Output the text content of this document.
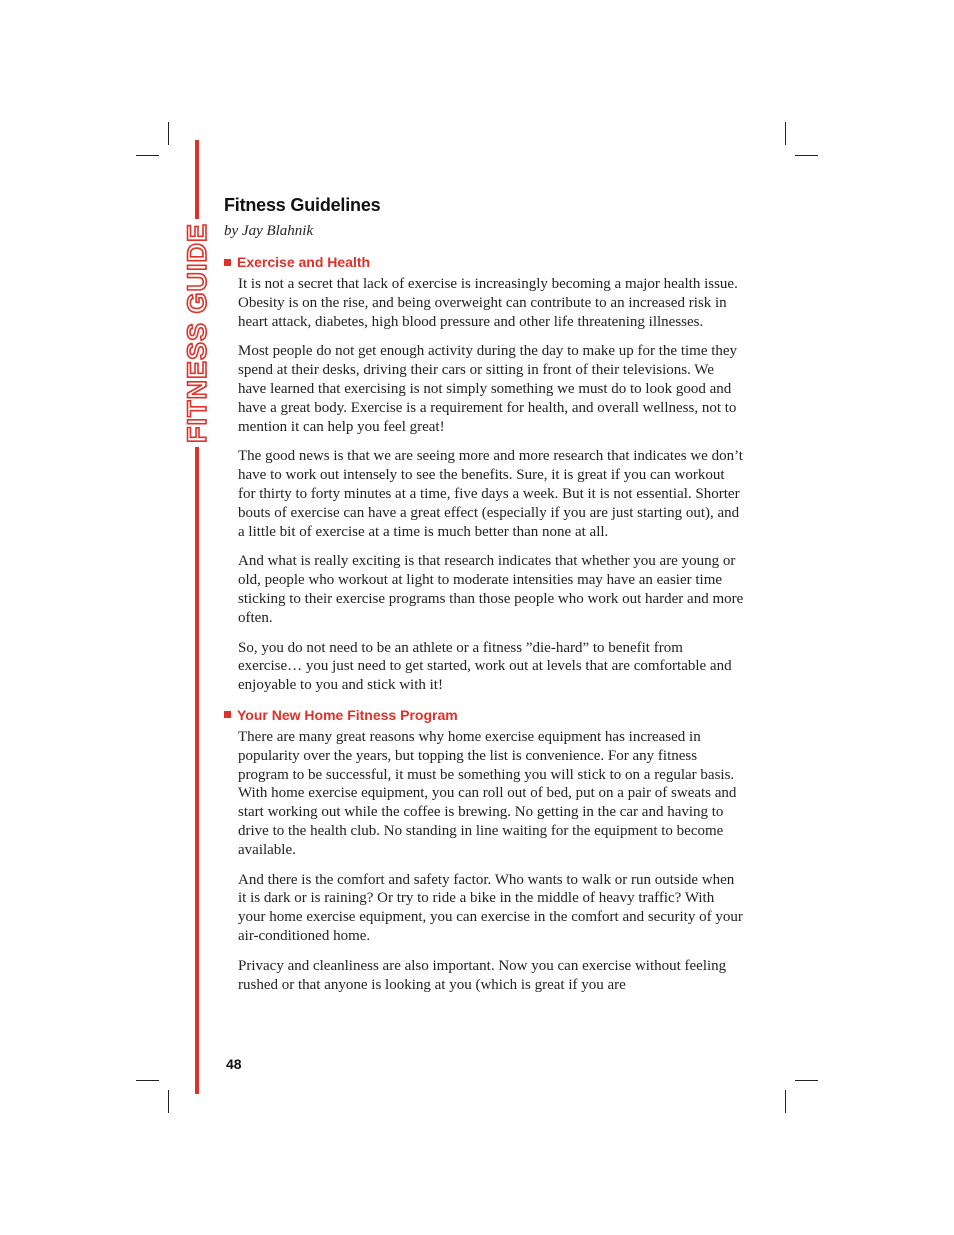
FITNESS GUIDE
Fitness Guidelines

by Jay Blahnik

Exercise and Health

It is not a secret that lack of exercise is increasingly becoming a major health issue. Obesity is on the rise, and being overweight can contribute to an increased risk in heart attack, diabetes, high blood pressure and other life threatening illnesses.

Most people do not get enough activity during the day to make up for the time they spend at their desks, driving their cars or sitting in front of their televisions. We have learned that exercising is not simply something we must do to look good and have a great body. Exercise is a requirement for health, and overall wellness, not to mention it can help you feel great!

The good news is that we are seeing more and more research that indicates we don’t have to work out intensely to see the benefits. Sure, it is great if you can workout for thirty to forty minutes at a time, five days a week. But it is not essential. Shorter bouts of exercise can have a great effect (especially if you are just starting out), and a little bit of exercise at a time is much better than none at all.

And what is really exciting is that research indicates that whether you are young or old, people who workout at light to moderate intensities may have an easier time sticking to their exercise programs than those people who work out harder and more often.

So, you do not need to be an athlete or a fitness ”die-hard” to benefit from exercise… you just need to get started, work out at levels that are comfortable and enjoyable to you and stick with it!

Your New Home Fitness Program

There are many great reasons why home exercise equipment has increased in popularity over the years, but topping the list is convenience. For any fitness program to be successful, it must be something you will stick to on a regular basis. With home exercise equipment, you can roll out of bed, put on a pair of sweats and start working out while the coffee is brewing. No getting in the car and having to drive to the health club. No standing in line waiting for the equipment to become available.

And there is the comfort and safety factor. Who wants to walk or run outside when it is dark or is raining? Or try to ride a bike in the middle of heavy traffic? With your home exercise equipment, you can exercise in the comfort and security of your air-conditioned home.

Privacy and cleanliness are also important. Now you can exercise without feeling rushed or that anyone is looking at you (which is great if you are

48
